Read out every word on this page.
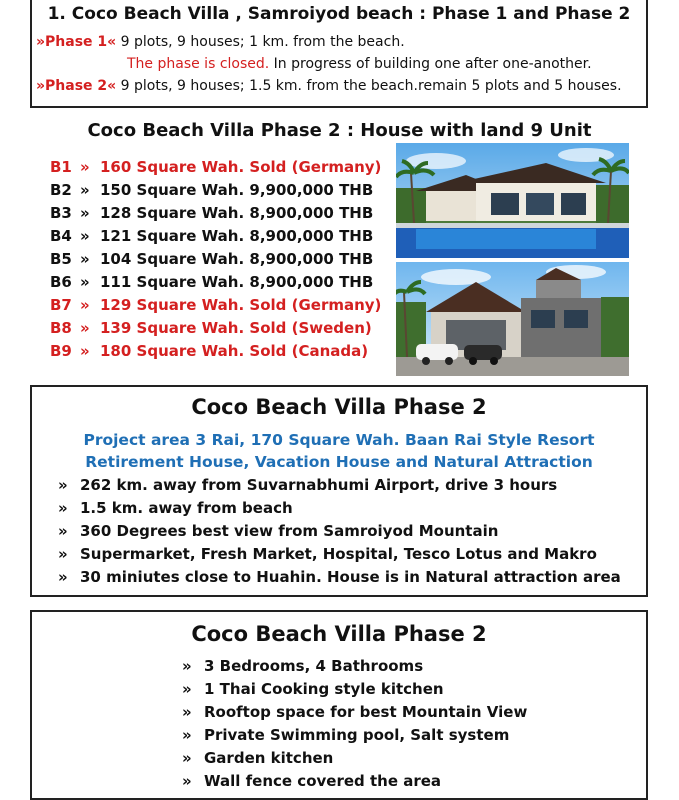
1. Coco Beach Villa , Samroiyod beach : Phase 1 and Phase 2
»Phase 1« 9 plots, 9 houses; 1 km. from the beach.
The phase is closed. In progress of building one after one-another.
»Phase 2« 9 plots, 9 houses; 1.5 km. from the beach.remain 5 plots and 5 houses.
Coco Beach Villa Phase 2 : House with land 9 Unit
B1 » 160 Square Wah. Sold (Germany)
B2 » 150 Square Wah. 9,900,000 THB
B3 » 128 Square Wah. 8,900,000 THB
B4 » 121 Square Wah. 8,900,000 THB
B5 » 104 Square Wah. 8,900,000 THB
B6 » 111 Square Wah. 8,900,000 THB
B7 » 129 Square Wah. Sold (Germany)
B8 » 139 Square Wah. Sold (Sweden)
B9 » 180 Square Wah. Sold (Canada)
Coco Beach Villa Phase 2
Project area 3 Rai, 170 Square Wah. Baan Rai Style Resort
Retirement House, Vacation House and Natural Attraction
» 262 km. away from Suvarnabhumi Airport, drive 3 hours
» 1.5 km. away from beach
» 360 Degrees best view from Samroiyod Mountain
» Supermarket, Fresh Market, Hospital, Tesco Lotus and Makro
» 30 miniutes close to Huahin. House is in Natural attraction area
Coco Beach Villa Phase 2
» 3 Bedrooms, 4 Bathrooms
» 1 Thai Cooking style kitchen
» Rooftop space for best Mountain View
» Private Swimming pool, Salt system
» Garden kitchen
» Wall fence covered the area
